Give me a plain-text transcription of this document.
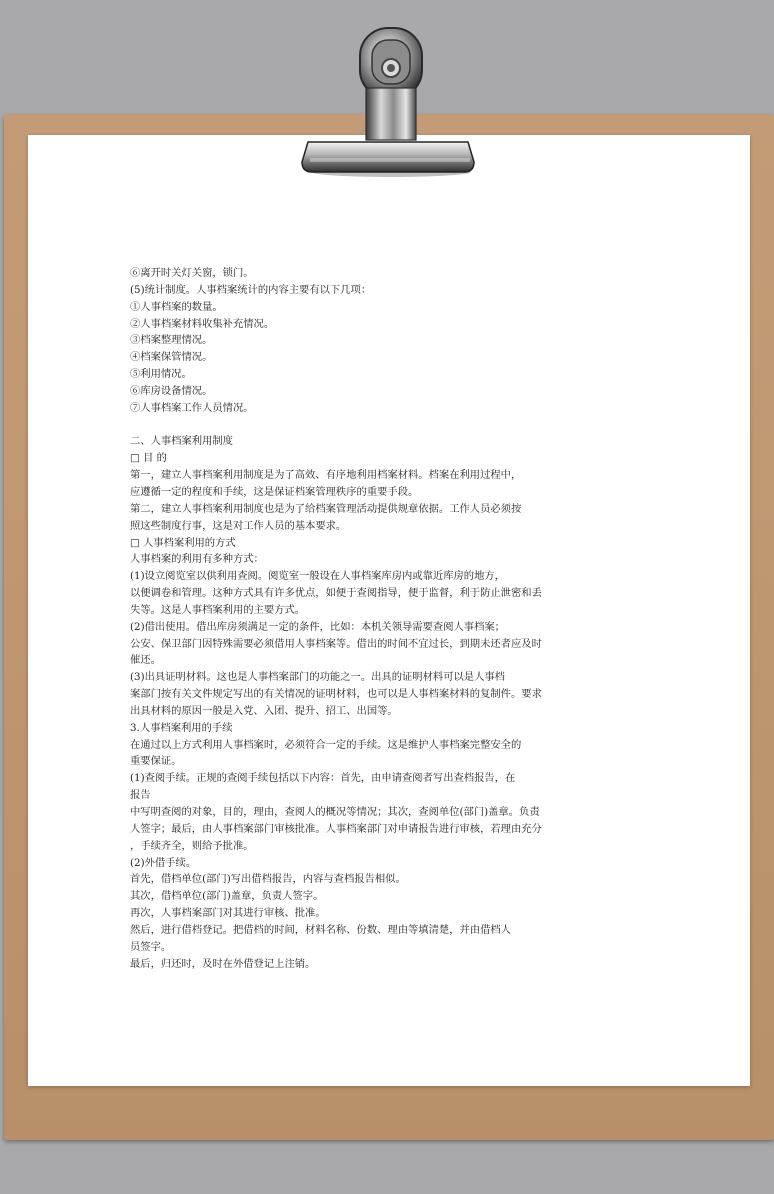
⑥离开时关灯关窗，锁门。
(5)统计制度。人事档案统计的内容主要有以下几项：
①人事档案的数量。
②人事档案材料收集补充情况。
③档案整理情况。
④档案保管情况。
⑤利用情况。
⑥库房设备情况。
⑦人事档案工作人员情况。
二、人事档案利用制度
□ 目 的
第一，建立人事档案利用制度是为了高效、有序地利用档案材料。档案在利用过程中，
应遵循一定的程度和手续，这是保证档案管理秩序的重要手段。
第二，建立人事档案利用制度也是为了给档案管理活动提供规章依据。工作人员必须按
照这些制度行事，这是对工作人员的基本要求。
□ 人事档案利用的方式
人事档案的利用有多种方式：
(1)设立阅览室以供利用查阅。阅览室一般设在人事档案库房内或靠近库房的地方，
以便调卷和管理。这种方式具有许多优点，如便于查阅指导，便于监督，利于防止泄密和丢
失等。这是人事档案利用的主要方式。
(2)借出使用。借出库房须满足一定的条件，比如：本机关领导需要查阅人事档案；
公安、保卫部门因特殊需要必须借用人事档案等。借出的时间不宜过长，到期未还者应及时
催还。
(3)出具证明材料。这也是人事档案部门的功能之一。出具的证明材料可以是人事档
案部门按有关文件规定写出的有关情况的证明材料，也可以是人事档案材料的复制件。要求
出具材料的原因一般是入党、入团、提升、招工、出国等。
3.人事档案利用的手续
在通过以上方式利用人事档案时，必须符合一定的手续。这是维护人事档案完整安全的
重要保证。
(1)查阅手续。正规的查阅手续包括以下内容：首先，由申请查阅者写出查档报告，在
报告
中写明查阅的对象，目的，理由，查阅人的概况等情况；其次，查阅单位(部门)盖章。负责
人签字；最后，由人事档案部门审核批准。人事档案部门对申请报告进行审核，若理由充分
，手续齐全，则给予批准。
(2)外借手续。
首先，借档单位(部门)写出借档报告，内容与查档报告相似。
其次，借档单位(部门)盖章，负责人签字。
再次，人事档案部门对其进行审核、批准。
然后，进行借档登记。把借档的时间，材料名称、份数、理由等填清楚，并由借档人
员签字。
最后，归还时，及时在外借登记上注销。
